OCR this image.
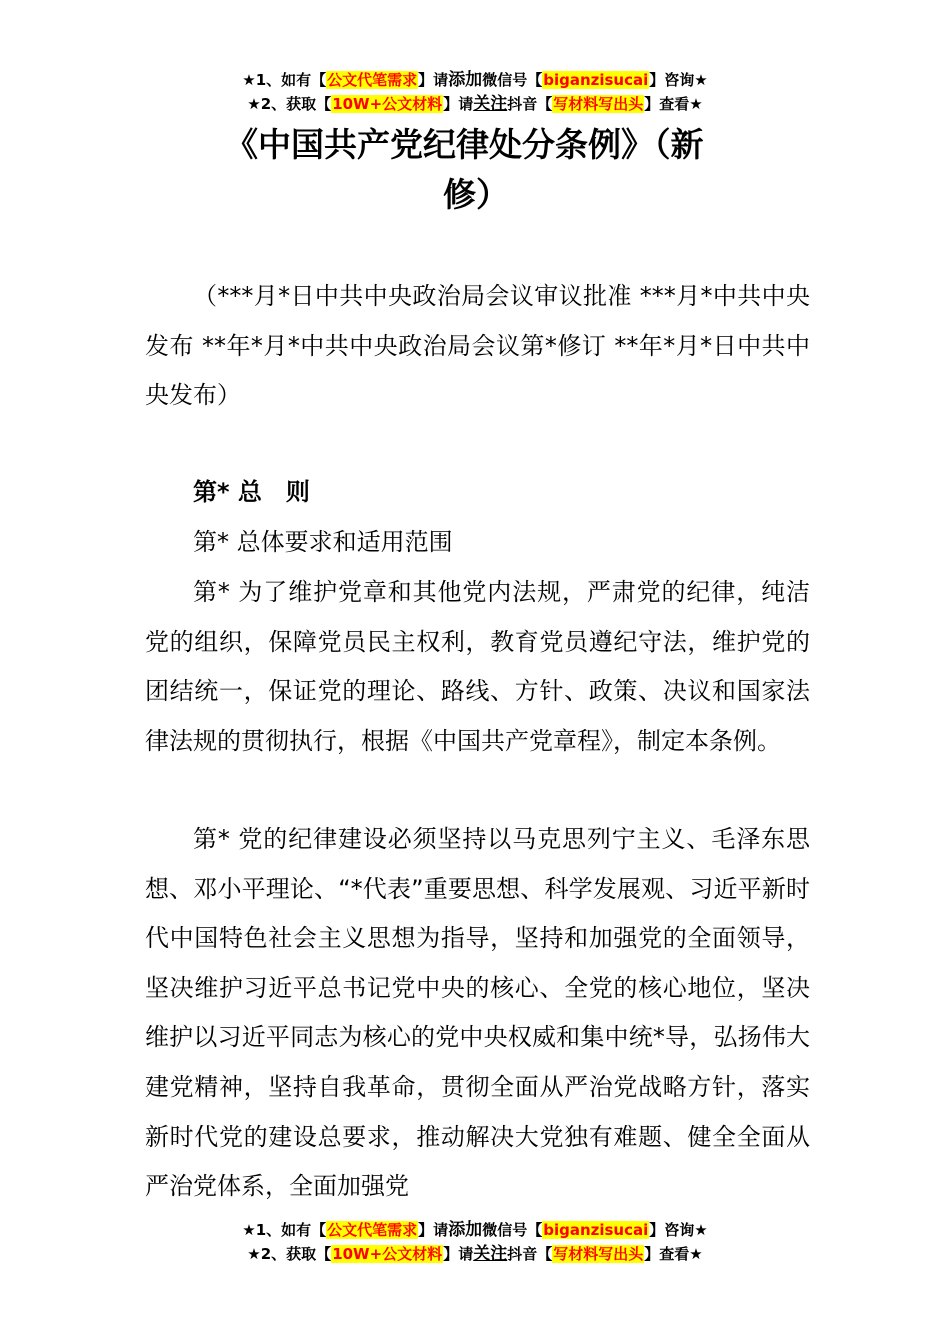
★1、如有【公文代笔需求】请添加微信号【biganzisucai】咨询★
★2、获取【10W+公文材料】请关注抖音【写材料写出头】查看★
《中国共产党纪律处分条例》（新
修）
（***月*日中共中央政治局会议审议批准 ***月*中共中央发布 **年*月*中共中央政治局会议第*修订 **年*月*日中共中央发布）
第* 总　则
第* 总体要求和适用范围
第* 为了维护党章和其他党内法规，严肃党的纪律，纯洁党的组织，保障党员民主权利，教育党员遵纪守法，维护党的团结统一，保证党的理论、路线、方针、政策、决议和国家法律法规的贯彻执行，根据《中国共产党章程》，制定本条例。
第* 党的纪律建设必须坚持以马克思列宁主义、毛泽东思想、邓小平理论、“*代表”重要思想、科学发展观、习近平新时代中国特色社会主义思想为指导，坚持和加强党的全面领导，坚决维护习近平总书记党中央的核心、全党的核心地位，坚决维护以习近平同志为核心的党中央权威和集中统*导，弘扬伟大建党精神，坚持自我革命，贯彻全面从严治党战略方针，落实新时代党的建设总要求，推动解决大党独有难题、健全全面从严治党体系，全面加强党
★1、如有【公文代笔需求】请添加微信号【biganzisucai】咨询★
★2、获取【10W+公文材料】请关注抖音【写材料写出头】查看★
